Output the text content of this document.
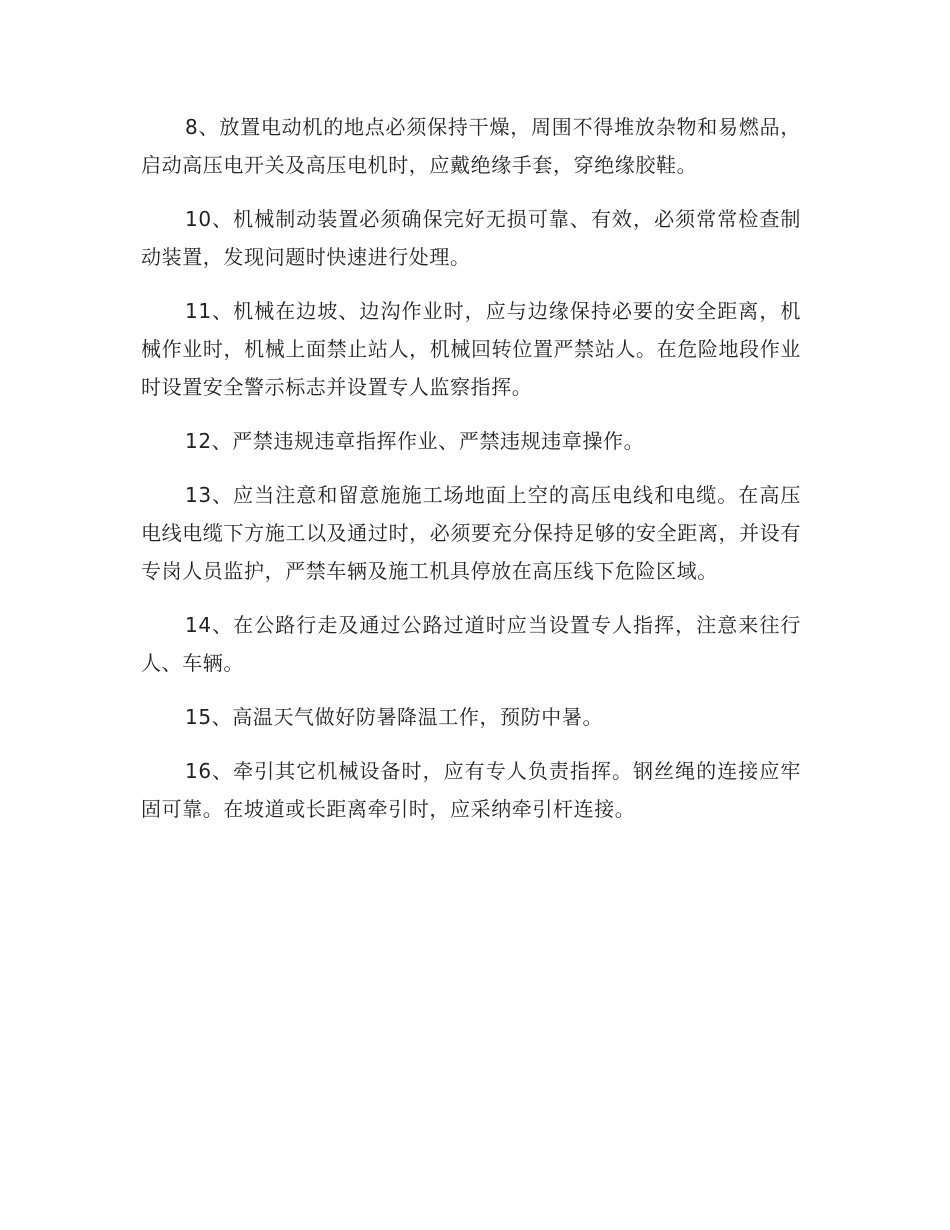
8、放置电动机的地点必须保持干燥，周围不得堆放杂物和易燃品，启动高压电开关及高压电机时，应戴绝缘手套，穿绝缘胶鞋。

10、机械制动装置必须确保完好无损可靠、有效，必须常常检查制动装置，发现问题时快速进行处理。

11、机械在边坡、边沟作业时，应与边缘保持必要的安全距离，机械作业时，机械上面禁止站人，机械回转位置严禁站人。在危险地段作业时设置安全警示标志并设置专人监察指挥。

12、严禁违规违章指挥作业、严禁违规违章操作。

13、应当注意和留意施施工场地面上空的高压电线和电缆。在高压电线电缆下方施工以及通过时，必须要充分保持足够的安全距离，并设有专岗人员监护，严禁车辆及施工机具停放在高压线下危险区域。

14、在公路行走及通过公路过道时应当设置专人指挥，注意来往行人、车辆。

15、高温天气做好防暑降温工作，预防中暑。

16、牵引其它机械设备时，应有专人负责指挥。钢丝绳的连接应牢固可靠。在坡道或长距离牵引时，应采纳牵引杆连接。
